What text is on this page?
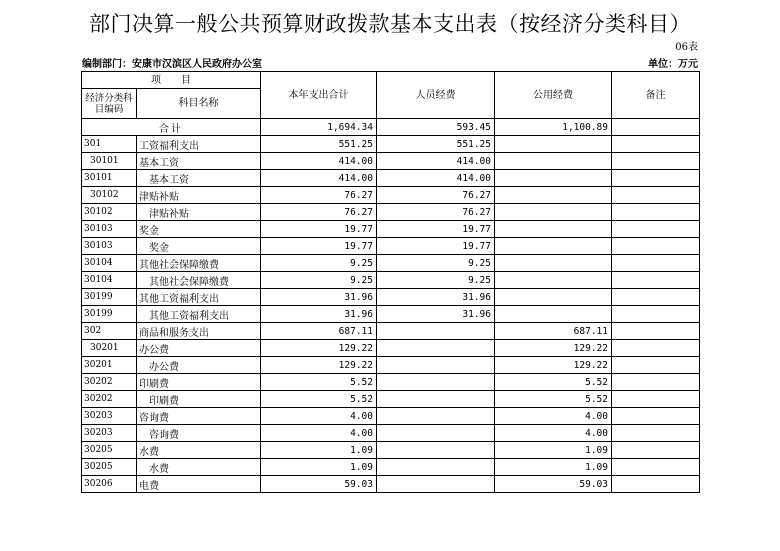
部门决算一般公共预算财政拨款基本支出表（按经济分类科目）
06表
编制部门：安康市汉滨区人民政府办公室	单位：万元
项　　目		本年支出合计	人员经费	公用经费	备注
经济分类科目编码	科目名称				
合计		1,694.34	593.45	1,100.89	
301	工资福利支出	551.25	551.25		
30101	基本工资	414.00	414.00		
30101	基本工资	414.00	414.00		
30102	津贴补贴	76.27	76.27		
30102	津贴补贴	76.27	76.27		
30103	奖金	19.77	19.77		
30103	奖金	19.77	19.77		
30104	其他社会保障缴费	9.25	9.25		
30104	其他社会保障缴费	9.25	9.25		
30199	其他工资福利支出	31.96	31.96		
30199	其他工资福利支出	31.96	31.96		
302	商品和服务支出	687.11		687.11	
30201	办公费	129.22		129.22	
30201	办公费	129.22		129.22	
30202	印刷费	5.52		5.52	
30202	印刷费	5.52		5.52	
30203	咨询费	4.00		4.00	
30203	咨询费	4.00		4.00	
30205	水费	1.09		1.09	
30205	水费	1.09		1.09	
30206	电费	59.03		59.03	
